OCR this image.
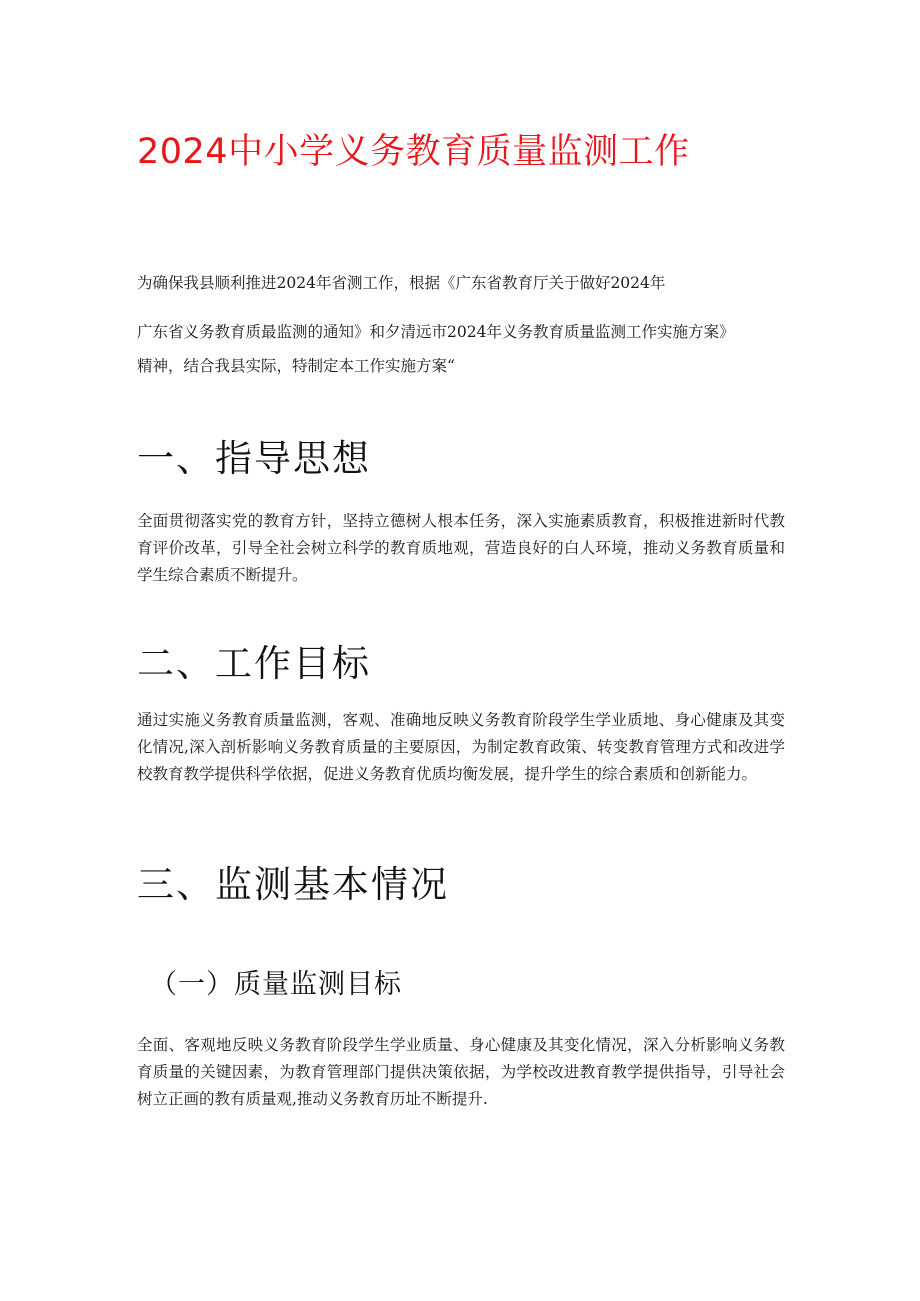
2024中小学义务教育质量监测工作

为确保我县顺利推进2024年省测工作，根据《广东省教育厅关于做好2024年

广东省义务教育质最监测的通知》和夕清远市2024年义务教育质量监测工作实施方案》

精神，结合我县实际，特制定本工作实施方案“

一、指导思想

全面贯彻落实党的教育方针，坚持立德树人根本任务，深入实施素质教育，积极推进新时代教育评价改革，引导全社会树立科学的教育质地观，营造良好的白人环境，推动义务教育质量和学生综合素质不断提升。

二、工作目标

通过实施义务教育质量监测，客观、准确地反映义务教育阶段学生学业质地、身心健康及其变化情况,深入剖析影响义务教育质量的主要原因，为制定教育政策、转变教育管理方式和改进学校教育教学提供科学依据，促进义务教育优质均衡发展，提升学生的综合素质和创新能力。

三、监测基本情况
（一）质量监测目标

全面、客观地反映义务教育阶段学生学业质量、身心健康及其变化情况，深入分析影响义务教育质量的关键因素，为教育管理部门提供决策依据，为学校改进教育教学提供指导，引导社会树立正画的教有质量观,推动义务教育历址不断提升.
